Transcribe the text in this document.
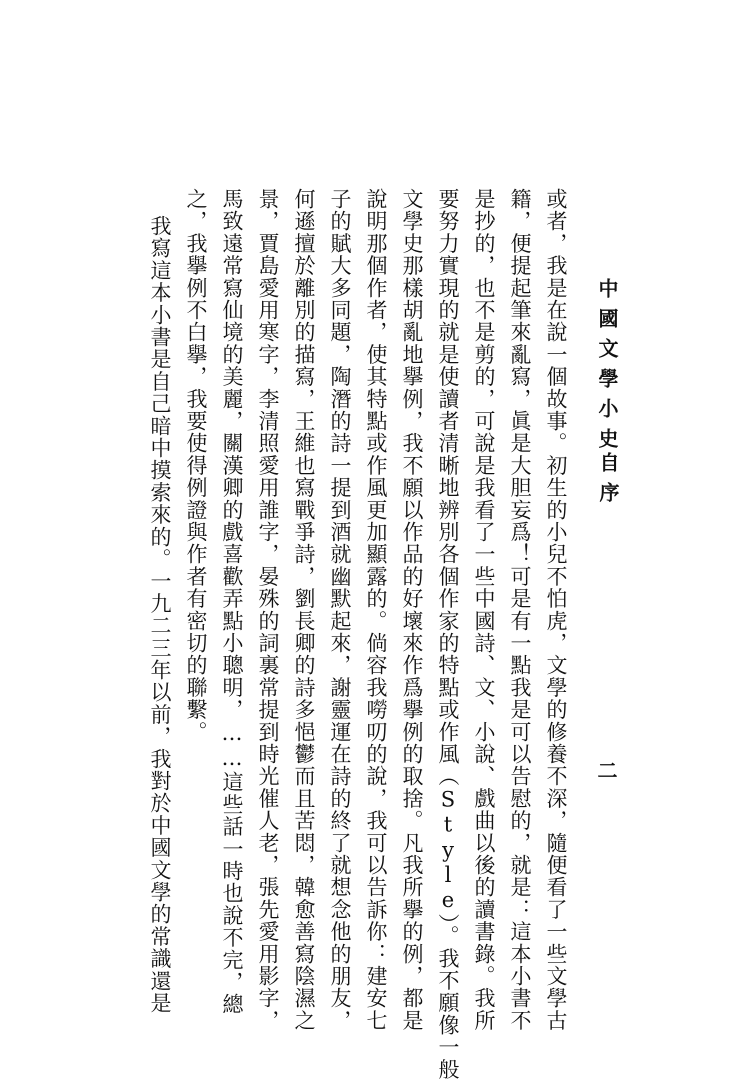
中國文學小史
自序
二
或者，我是在說一個故事。初生的小兒不怕虎，文學的修養不深，隨便看了一些文學古
籍，便提起筆來亂寫，眞是大胆妄爲！可是有一點我是可以告慰的，就是：這本小書不
是抄的，也不是剪的，可說是我看了一些中國詩、文、小說、戲曲以後的讀書錄。我所
要努力實現的就是使讀者清晰地辨別各個作家的特點或作風（Style）。我不願像一般
文學史那樣胡亂地擧例，我不願以作品的好壞來作爲擧例的取捨。凡我所擧的例，都是
說明那個作者，使其特點或作風更加顯露的。倘容我嘮叨的說，我可以告訴你：建安七
子的賦大多同題，陶潛的詩一提到酒就幽默起來，謝靈運在詩的終了就想念他的朋友，
何遜擅於離別的描寫，王維也寫戰爭詩，劉長卿的詩多悒鬱而且苦悶，韓愈善寫陰濕之
景，賈島愛用寒字，李清照愛用誰字，晏殊的詞裏常提到時光催人老，張先愛用影字，
馬致遠常寫仙境的美麗，關漢卿的戲喜歡弄點小聰明，……這些話一時也說不完，總
之，我擧例不白擧，我要使得例證與作者有密切的聯繫。
我寫這本小書是自己暗中摸索來的。一九二三年以前，我對於中國文學的常識還是
